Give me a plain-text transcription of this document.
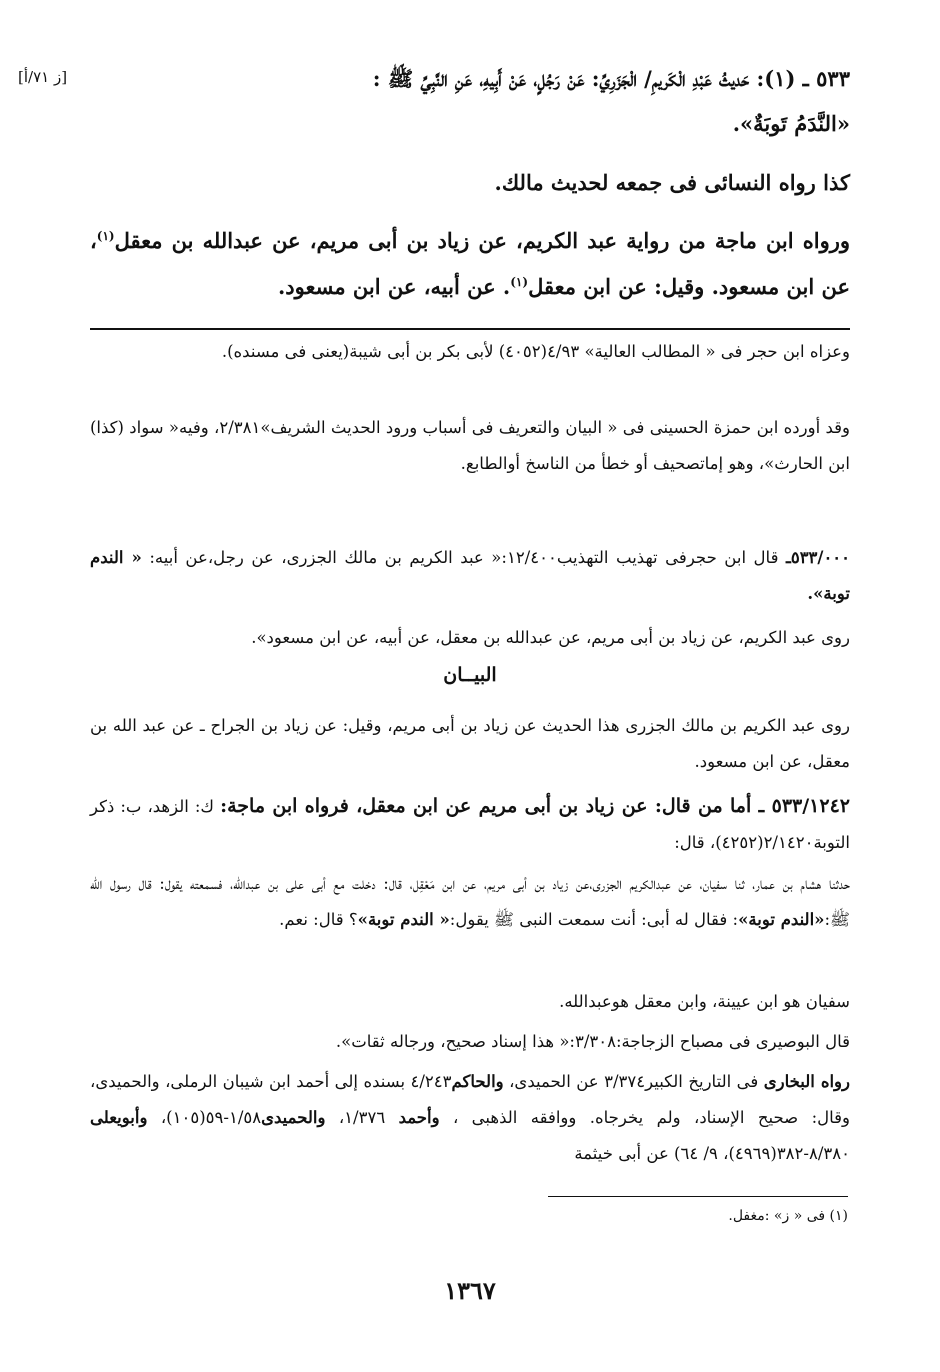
[ز ٧١/أ]	٥٣٣ ـ (١): حَديثُ عَبْدِ الْكَريمِ/ الْجَزَرِيِّ: عَنْ رَجُلٍ، عَنْ أَبِيهِ، عَنِ النَّبِيِّ ﷺ :
«النَّدَمُ تَوبَةٌ».

كذا رواه النسائى فى جمعه لحديث مالك.

ورواه ابن ماجة من رواية عبد الكريم، عن زياد بن أبى مريم، عن عبدالله بن معقل$^{(١)}$، عن ابن مسعود. وقيل: عن ابن معقل$^{(١)}$. عن أبيه، عن ابن مسعود.

وعزاه ابن حجر فى « المطالب العالية» ٤/٩٣(٤٠٥٢) لأبى بكر بن أبى شيبة(يعنى فى مسنده).

وقد أورده ابن حمزة الحسينى فى « البيان والتعريف فى أسباب ورود الحديث الشريف»٢/٣٨١، وفيه« سواد (كذا) ابن الحارث»، وهو إماتصحيف أو خطأ من الناسخ أوالطابع.

٥٣٣/٠٠٠ـ قال ابن حجرفى تهذيب التهذيب١٢/٤٠٠:« عبد الكريم بن مالك الجزرى، عن رجل،عن أبيه: « الندم توبة».

روى عبد الكريم، عن زياد بن أبى مريم، عن عبدالله بن معقل، عن أبيه، عن ابن مسعود».

البيــان

روى عبد الكريم بن مالك الجزرى هذا الحديث عن زياد بن أبى مريم، وقيل: عن زياد بن الجراح ـ عن عبد الله بن معقل، عن ابن مسعود.

٥٣٣/١٢٤٢ ـ أما من قال: عن زياد بن أبى مريم عن ابن معقل، فرواه ابن ماجة: ك: الزهد، ب: ذكر التوبة٢/١٤٢٠(٤٢٥٢)، قال:

حدثنا هشام بن عمار، ثنا سفيان، عن عبدالكريم الجزرى،عن زياد بن أبى مريم، عن ابن مَعْقِل، قال: دخلت مع أبى على بن عبدالله، فسمعته يقول: قال رسول الله ﷺ:«الندم توبة»: فقال له أبى: أنت سمعت النبى ﷺ يقول:« الندم توبة»؟ قال: نعم.

سفيان هو ابن عيينة، وابن معقل هوعبدالله.

قال البوصيرى فى مصباح الزجاجة:٣/٣٠٨:« هذا إسناد صحيح، ورجاله ثقات».

رواه البخارى فى التاريخ الكبير٣/٣٧٤ عن الحميدى، والحاكم٤/٢٤٣ بسنده إلى أحمد ابن شيبان الرملى، والحميدى، وقال: صحيح الإسناد، ولم يخرجاه. ووافقه الذهبى ، وأحمد ١/٣٧٦، والحميدى١/٥٨-٥٩(١٠٥)، وأبويعلى ٨/٣٨٠-٣٨٢(٤٩٦٩)، ٩/ ٦٤) عن أبى خيثمة

(١) فى « ز» :مغفل.
١٣٦٧
